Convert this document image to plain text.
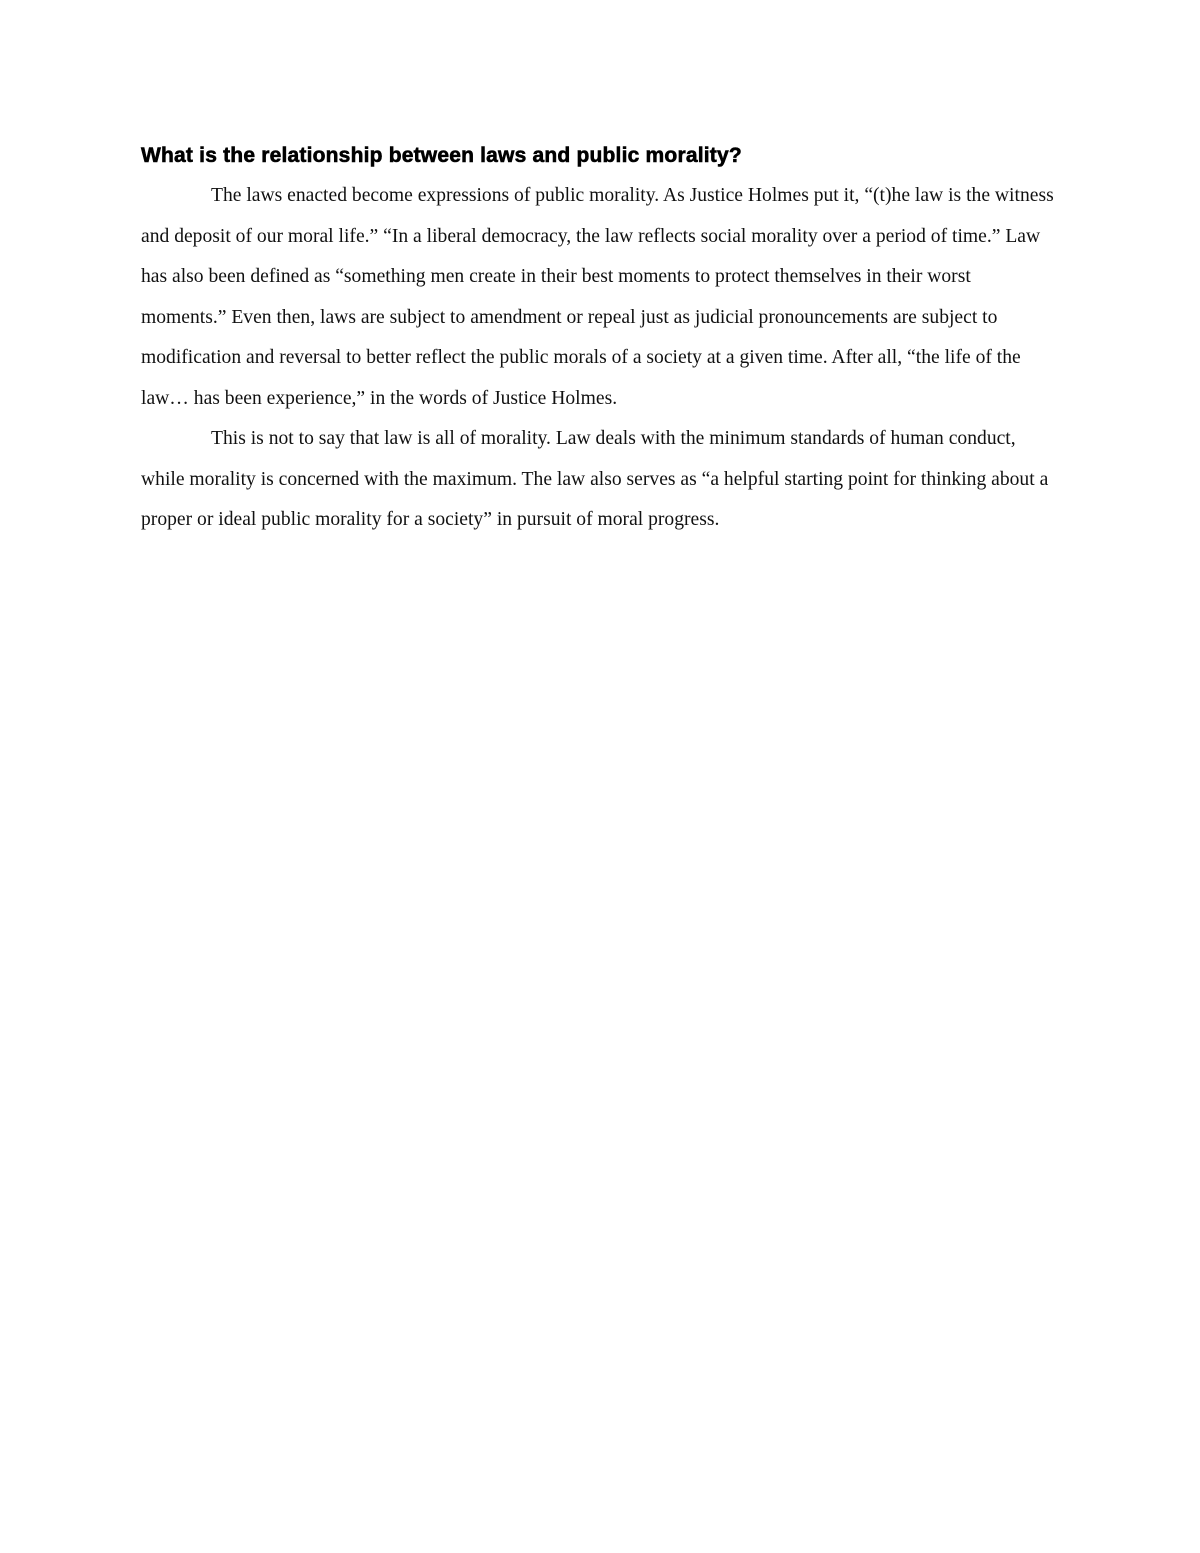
What is the relationship between laws and public morality?

The laws enacted become expressions of public morality. As Justice Holmes put it, “(t)he law is the witness and deposit of our moral life.” “In a liberal democracy, the law reflects social morality over a period of time.” Law has also been defined as “something men create in their best moments to protect themselves in their worst moments.” Even then, laws are subject to amendment or repeal just as judicial pronouncements are subject to modification and reversal to better reflect the public morals of a society at a given time. After all, “the life of the law… has been experience,” in the words of Justice Holmes.

This is not to say that law is all of morality. Law deals with the minimum standards of human conduct, while morality is concerned with the maximum. The law also serves as “a helpful starting point for thinking about a proper or ideal public morality for a society” in pursuit of moral progress.
